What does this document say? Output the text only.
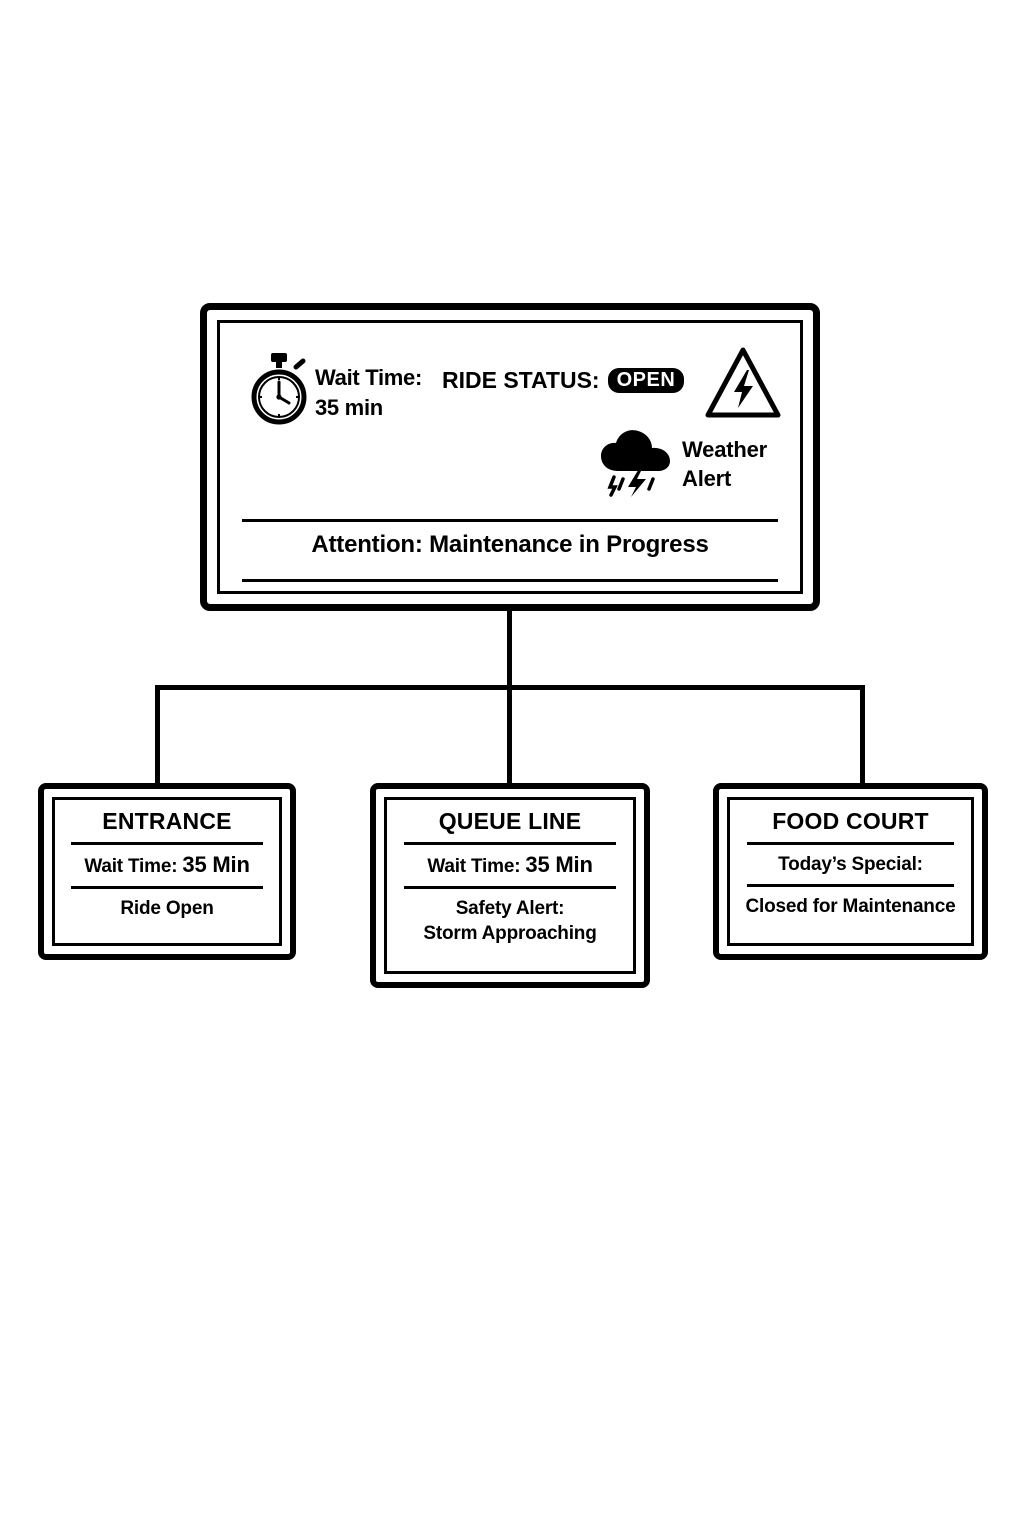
Wait Time:
35 min
RIDE STATUS: OPEN
Weather
Alert
Attention: Maintenance in Progress
ENTRANCE
Wait Time: 35 Min
Ride Open
QUEUE LINE
Wait Time: 35 Min
Safety Alert:
Storm Approaching
FOOD COURT
Today’s Special:
Closed for Maintenance
